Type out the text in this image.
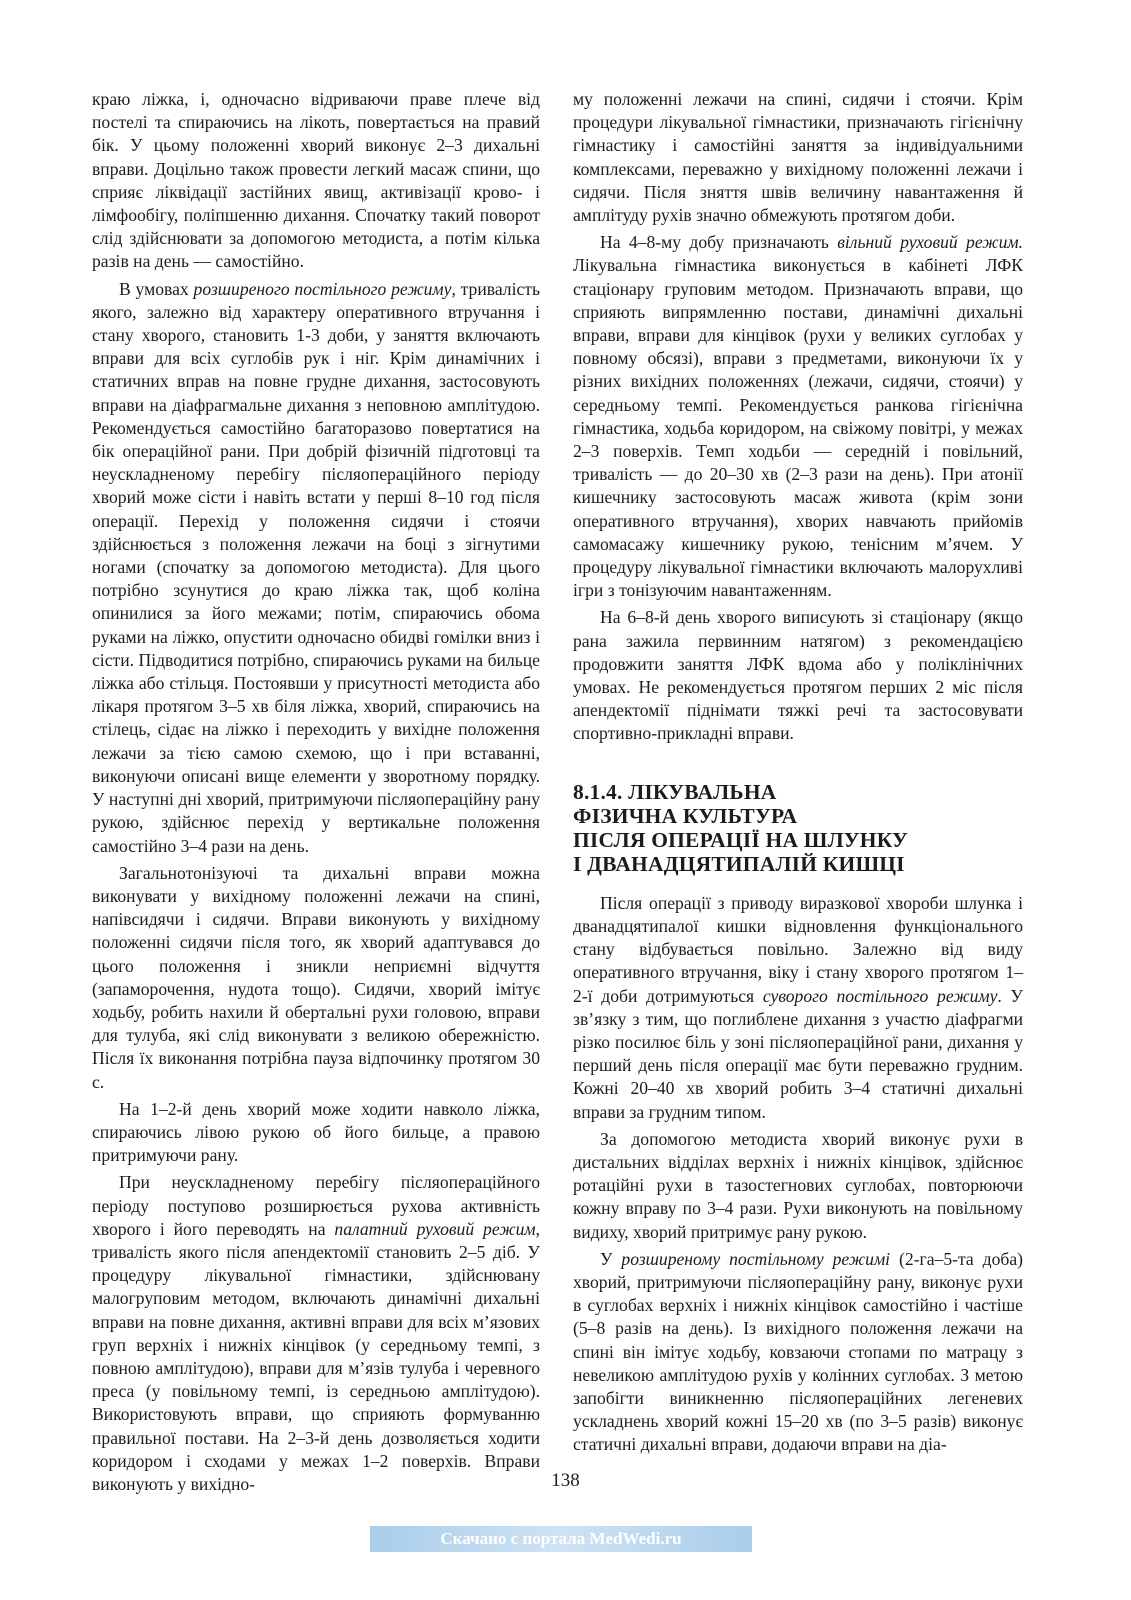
краю ліжка, і, одночасно відриваючи праве плече від постелі та спираючись на лікоть, повертається на правий бік. У цьому положенні хворий виконує 2–3 дихальні вправи. Доцільно також провести легкий масаж спини, що сприяє ліквідації застійних явищ, активізації крово- і лімфообігу, поліпшенню дихання. Спочатку такий поворот слід здійснювати за допомогою методиста, а потім кілька разів на день — самостійно.

В умовах розширеного постільного режиму, тривалість якого, залежно від характеру оперативного втручання і стану хворого, становить 1-3 доби, у заняття включають вправи для всіх суглобів рук і ніг. Крім динамічних і статичних вправ на повне грудне дихання, застосовують вправи на діафрагмальне дихання з неповною амплітудою. Рекомендується самостійно багаторазово повертатися на бік операційної рани. При добрій фізичній підготовці та неускладненому перебігу післяопераційного періоду хворий може сісти і навіть встати у перші 8–10 год після операції. Перехід у положення сидячи і стоячи здійснюється з положення лежачи на боці з зігнутими ногами (спочатку за допомогою методиста). Для цього потрібно зсунутися до краю ліжка так, щоб коліна опинилися за його межами; потім, спираючись обома руками на ліжко, опустити одночасно обидві гомілки вниз і сісти. Підводитися потрібно, спираючись руками на бильце ліжка або стільця. Постоявши у присутності методиста або лікаря протягом 3–5 хв біля ліжка, хворий, спираючись на стілець, сідає на ліжко і переходить у вихідне положення лежачи за тією самою схемою, що і при вставанні, виконуючи описані вище елементи у зворотному порядку. У наступні дні хворий, притримуючи післяопераційну рану рукою, здійснює перехід у вертикальне положення самостійно 3–4 рази на день.

Загальнотонізуючі та дихальні вправи можна виконувати у вихідному положенні лежачи на спині, напівсидячи і сидячи. Вправи виконують у вихідному положенні сидячи після того, як хворий адаптувався до цього положення і зникли неприємні відчуття (запаморочення, нудота тощо). Сидячи, хворий імітує ходьбу, робить нахили й обертальні рухи головою, вправи для тулуба, які слід виконувати з великою обережністю. Після їх виконання потрібна пауза відпочинку протягом 30 с.

На 1–2-й день хворий може ходити навколо ліжка, спираючись лівою рукою об його бильце, а правою притримуючи рану.

При неускладненому перебігу післяопераційного періоду поступово розширюється рухова активність хворого і його переводять на палатний руховий режим, тривалість якого після апендектомії становить 2–5 діб. У процедуру лікувальної гімнастики, здійснювану малогруповим методом, включають динамічні дихальні вправи на повне дихання, активні вправи для всіх м’язових груп верхніх і нижніх кінцівок (у середньому темпі, з повною амплітудою), вправи для м’язів тулуба і черевного преса (у повільному темпі, із середньою амплітудою). Використовують вправи, що сприяють формуванню правильної постави. На 2–3-й день дозволяється ходити коридором і сходами у межах 1–2 поверхів. Вправи виконують у вихідно-

му положенні лежачи на спині, сидячи і стоячи. Крім процедури лікувальної гімнастики, призначають гігієнічну гімнастику і самостійні заняття за індивідуальними комплексами, переважно у вихідному положенні лежачи і сидячи. Після зняття швів величину навантаження й амплітуду рухів значно обмежують протягом доби.

На 4–8-му добу призначають вільний руховий режим. Лікувальна гімнастика виконується в кабінеті ЛФК стаціонару груповим методом. Призначають вправи, що сприяють випрямленню постави, динамічні дихальні вправи, вправи для кінцівок (рухи у великих суглобах у повному обсязі), вправи з предметами, виконуючи їх у різних вихідних положеннях (лежачи, сидячи, стоячи) у середньому темпі. Рекомендується ранкова гігієнічна гімнастика, ходьба коридором, на свіжому повітрі, у межах 2–3 поверхів. Темп ходьби — середній і повільний, тривалість — до 20–30 хв (2–3 рази на день). При атонії кишечнику застосовують масаж живота (крім зони оперативного втручання), хворих навчають прийомів самомасажу кишечнику рукою, тенісним м’ячем. У процедуру лікувальної гімнастики включають малорухливі ігри з тонізуючим навантаженням.

На 6–8-й день хворого виписують зі стаціонару (якщо рана зажила первинним натягом) з рекомендацією продовжити заняття ЛФК вдома або у поліклінічних умовах. Не рекомендується протягом перших 2 міс після апендектомії піднімати тяжкі речі та застосовувати спортивно-прикладні вправи.

8.1.4. ЛІКУВАЛЬНА
ФІЗИЧНА КУЛЬТУРА
ПІСЛЯ ОПЕРАЦІЇ НА ШЛУНКУ
І ДВАНАДЦЯТИПАЛІЙ КИШЦІ

Після операції з приводу виразкової хвороби шлунка і дванадцятипалої кишки відновлення функціонального стану відбувається повільно. Залежно від виду оперативного втручання, віку і стану хворого протягом 1–2-ї доби дотримуються суворого постільного режиму. У зв’язку з тим, що поглиблене дихання з участю діафрагми різко посилює біль у зоні післяопераційної рани, дихання у перший день після операції має бути переважно грудним. Кожні 20–40 хв хворий робить 3–4 статичні дихальні вправи за грудним типом.

За допомогою методиста хворий виконує рухи в дистальних відділах верхніх і нижніх кінцівок, здійснює ротаційні рухи в тазостегнових суглобах, повторюючи кожну вправу по 3–4 рази. Рухи виконують на повільному видиху, хворий притримує рану рукою.

У розширеному постільному режимі (2-га–5-та доба) хворий, притримуючи післяопераційну рану, виконує рухи в суглобах верхніх і нижніх кінцівок самостійно і частіше (5–8 разів на день). Із вихідного положення лежачи на спині він імітує ходьбу, ковзаючи стопами по матрацу з невеликою амплітудою рухів у колінних суглобах. З метою запобігти виникненню післяопераційних легеневих ускладнень хворий кожні 15–20 хв (по 3–5 разів) виконує статичні дихальні вправи, додаючи вправи на діа-

138
Скачано с портала MedWedi.ru
